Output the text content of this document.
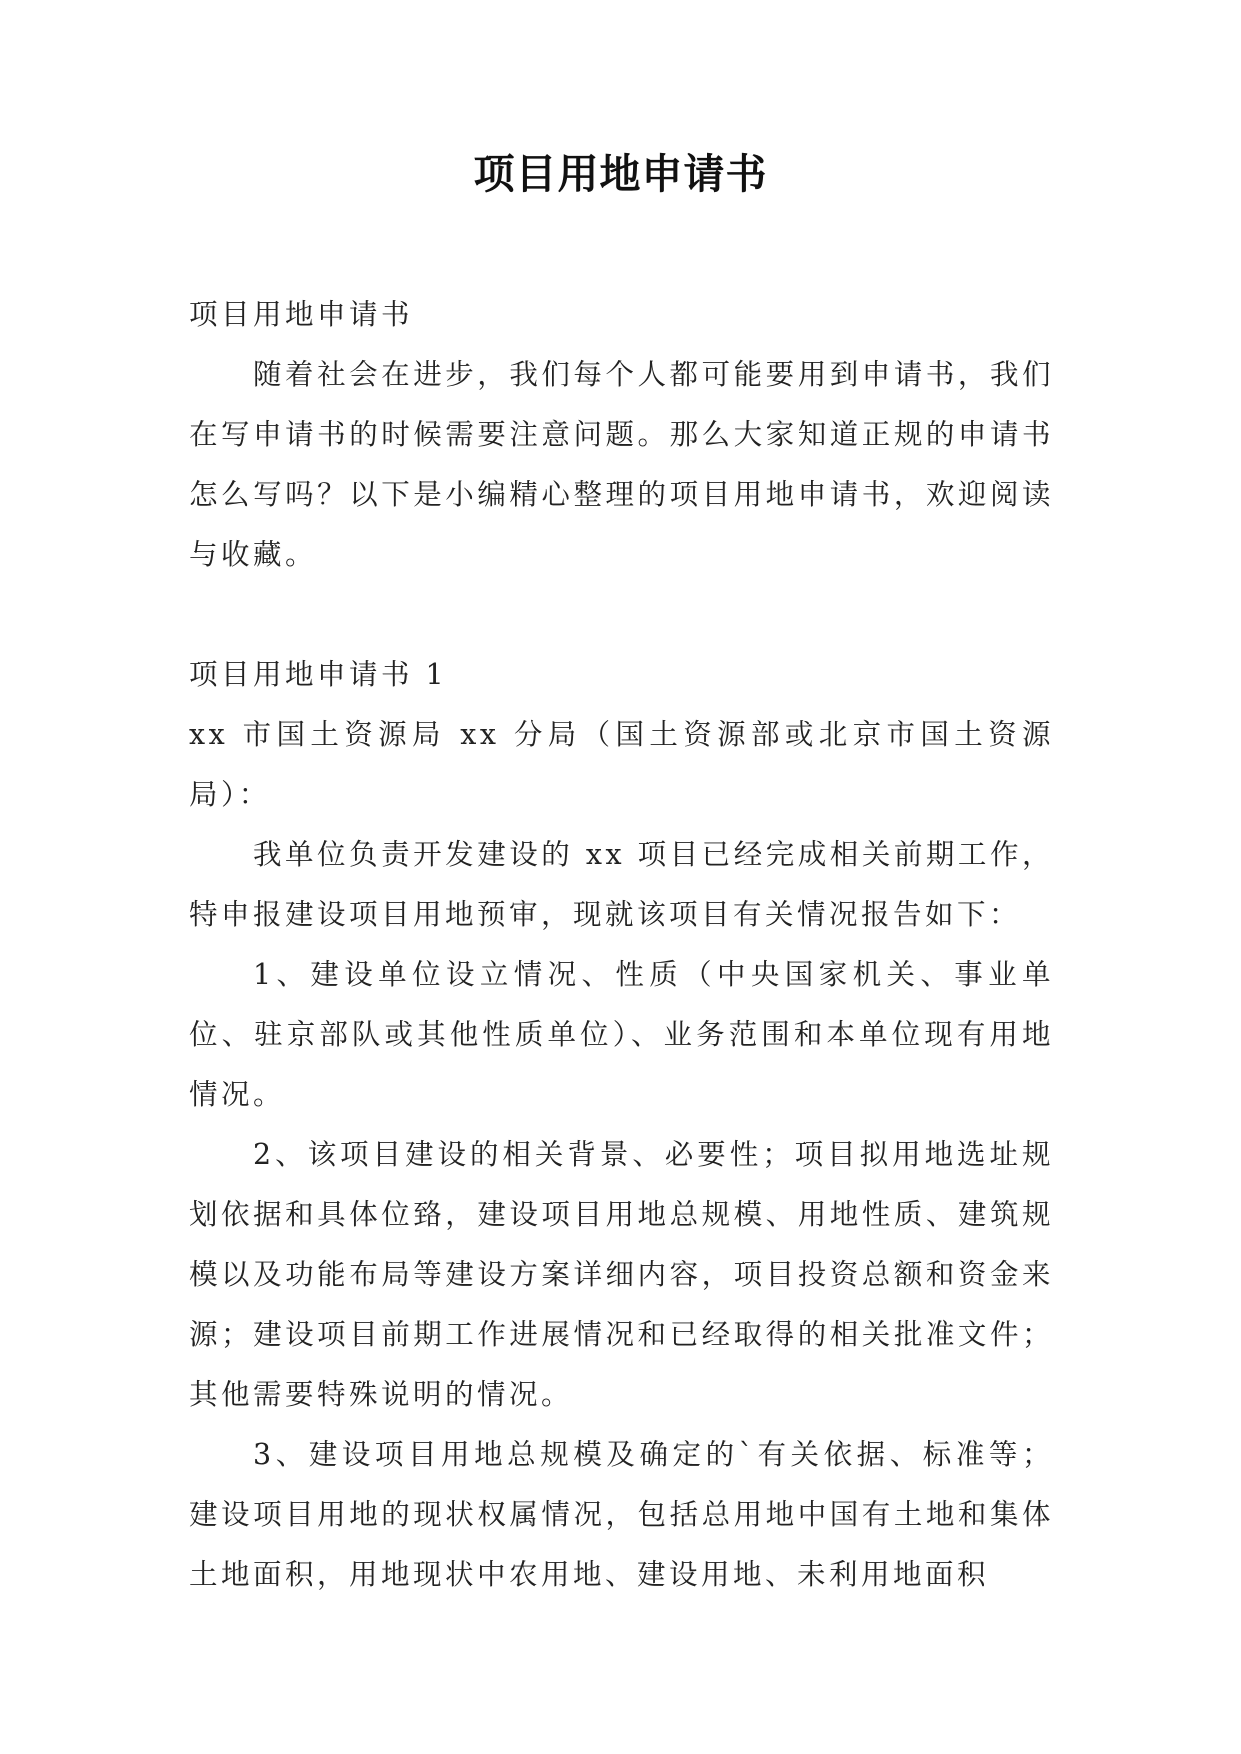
项目用地申请书

项目用地申请书

随着社会在进步，我们每个人都可能要用到申请书，我们在写申请书的时候需要注意问题。那么大家知道正规的申请书怎么写吗？以下是小编精心整理的项目用地申请书，欢迎阅读与收藏。

项目用地申请书 1

xx 市国土资源局 xx 分局（国土资源部或北京市国土资源局）：

我单位负责开发建设的 xx 项目已经完成相关前期工作，特申报建设项目用地预审，现就该项目有关情况报告如下：

1、建设单位设立情况、性质（中央国家机关、事业单位、驻京部队或其他性质单位）、业务范围和本单位现有用地情况。

2、该项目建设的相关背景、必要性；项目拟用地选址规划依据和具体位臵，建设项目用地总规模、用地性质、建筑规模以及功能布局等建设方案详细内容，项目投资总额和资金来源；建设项目前期工作进展情况和已经取得的相关批准文件；其他需要特殊说明的情况。

3、建设项目用地总规模及确定的`有关依据、标准等；建设项目用地的现状权属情况，包括总用地中国有土地和集体土地面积，用地现状中农用地、建设用地、未利用地面积
